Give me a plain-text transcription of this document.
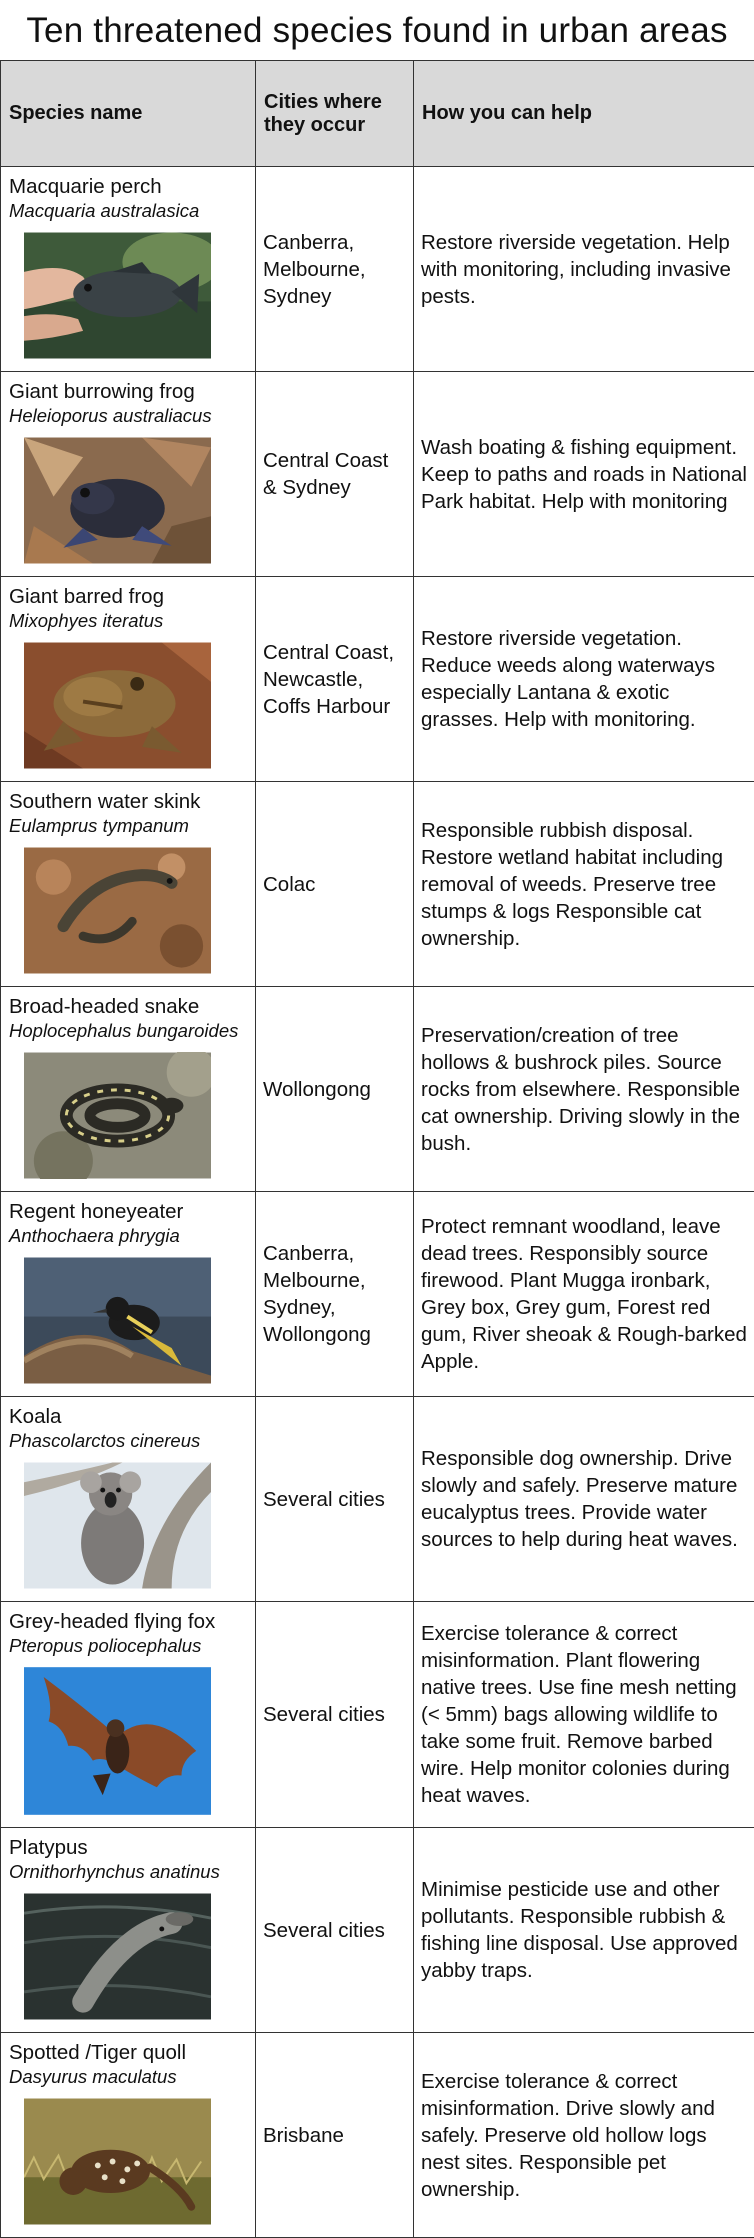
Ten threatened species found in urban areas
Species name	Cities where they occur	How you can help

Macquarie perch
Macquaria australasica	Canberra, Melbourne, Sydney	Restore riverside vegetation. Help with monitoring, including invasive pests.

Giant burrowing frog
Heleioporus australiacus	Central Coast & Sydney	Wash boating & fishing equipment. Keep to paths and roads in National Park habitat. Help with monitoring

Giant barred frog
Mixophyes iteratus	Central Coast, Newcastle, Coffs Harbour	Restore riverside vegetation. Reduce weeds along waterways especially Lantana & exotic grasses. Help with monitoring.

Southern water skink
Eulamprus tympanum	Colac	Responsible rubbish disposal. Restore wetland habitat including removal of weeds. Preserve tree stumps & logs Responsible cat ownership.

Broad-headed snake
Hoplocephalus bungaroides	Wollongong	Preservation/creation of tree hollows & bushrock piles. Source rocks from elsewhere. Responsible cat ownership. Driving slowly in the bush.

Regent honeyeater
Anthochaera phrygia	Canberra, Melbourne, Sydney, Wollongong	Protect remnant woodland, leave dead trees. Responsibly source firewood. Plant Mugga ironbark, Grey box, Grey gum, Forest red gum, River sheoak & Rough-barked Apple.

Koala
Phascolarctos cinereus	Several cities	Responsible dog ownership. Drive slowly and safely. Preserve mature eucalyptus trees. Provide water sources to help during heat waves.

Grey-headed flying fox
Pteropus poliocephalus	Several cities	Exercise tolerance & correct misinformation. Plant flowering native trees. Use fine mesh netting (< 5mm) bags allowing wildlife to take some fruit. Remove barbed wire. Help monitor colonies during heat waves.

Platypus
Ornithorhynchus anatinus	Several cities	Minimise pesticide use and other pollutants. Responsible rubbish & fishing line disposal. Use approved yabby traps.

Spotted /Tiger quoll
Dasyurus maculatus	Brisbane	Exercise tolerance & correct misinformation. Drive slowly and safely. Preserve old hollow logs nest sites. Responsible pet ownership.
